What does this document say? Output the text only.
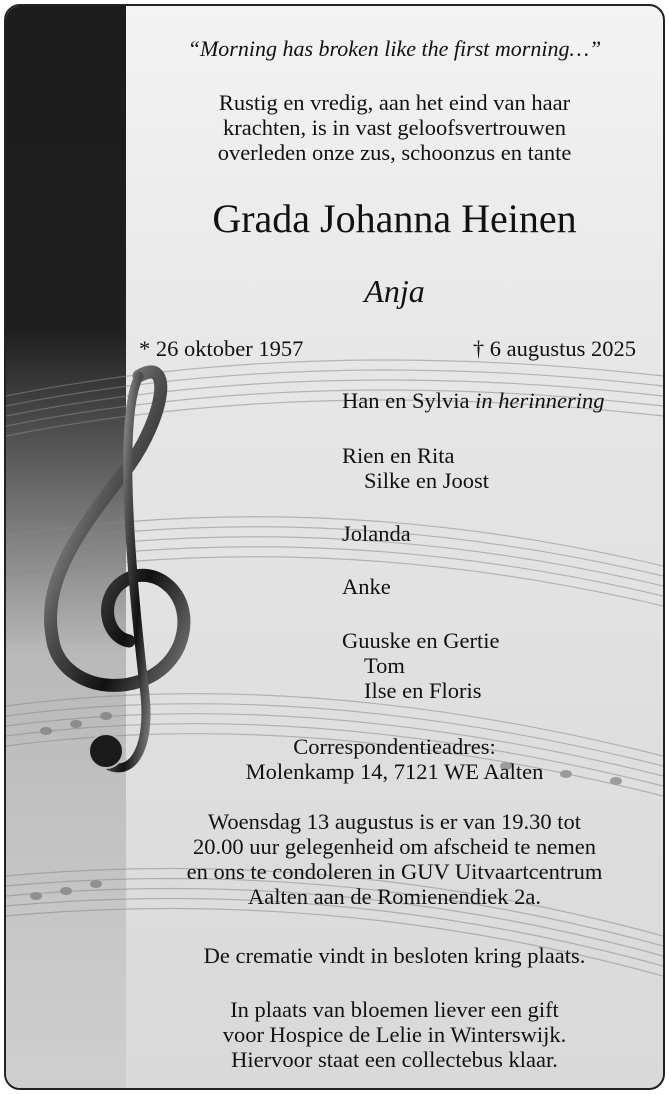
“Morning has broken like the first morning…”
Rustig en vredig, aan het eind van haar
krachten, is in vast geloofsvertrouwen
overleden onze zus, schoonzus en tante
Grada Johanna Heinen
Anja
* 26 oktober 1957	† 6 augustus 2025
Han en Sylvia in herinnering
Rien en Rita
Silke en Joost
Jolanda
Anke
Guuske en Gertie
Tom
Ilse en Floris
Correspondentieadres:
Molenkamp 14, 7121 WE Aalten
Woensdag 13 augustus is er van 19.30 tot
20.00 uur gelegenheid om afscheid te nemen
en ons te condoleren in GUV Uitvaartcentrum
Aalten aan de Romienendiek 2a.
De crematie vindt in besloten kring plaats.
In plaats van bloemen liever een gift
voor Hospice de Lelie in Winterswijk.
Hiervoor staat een collectebus klaar.
